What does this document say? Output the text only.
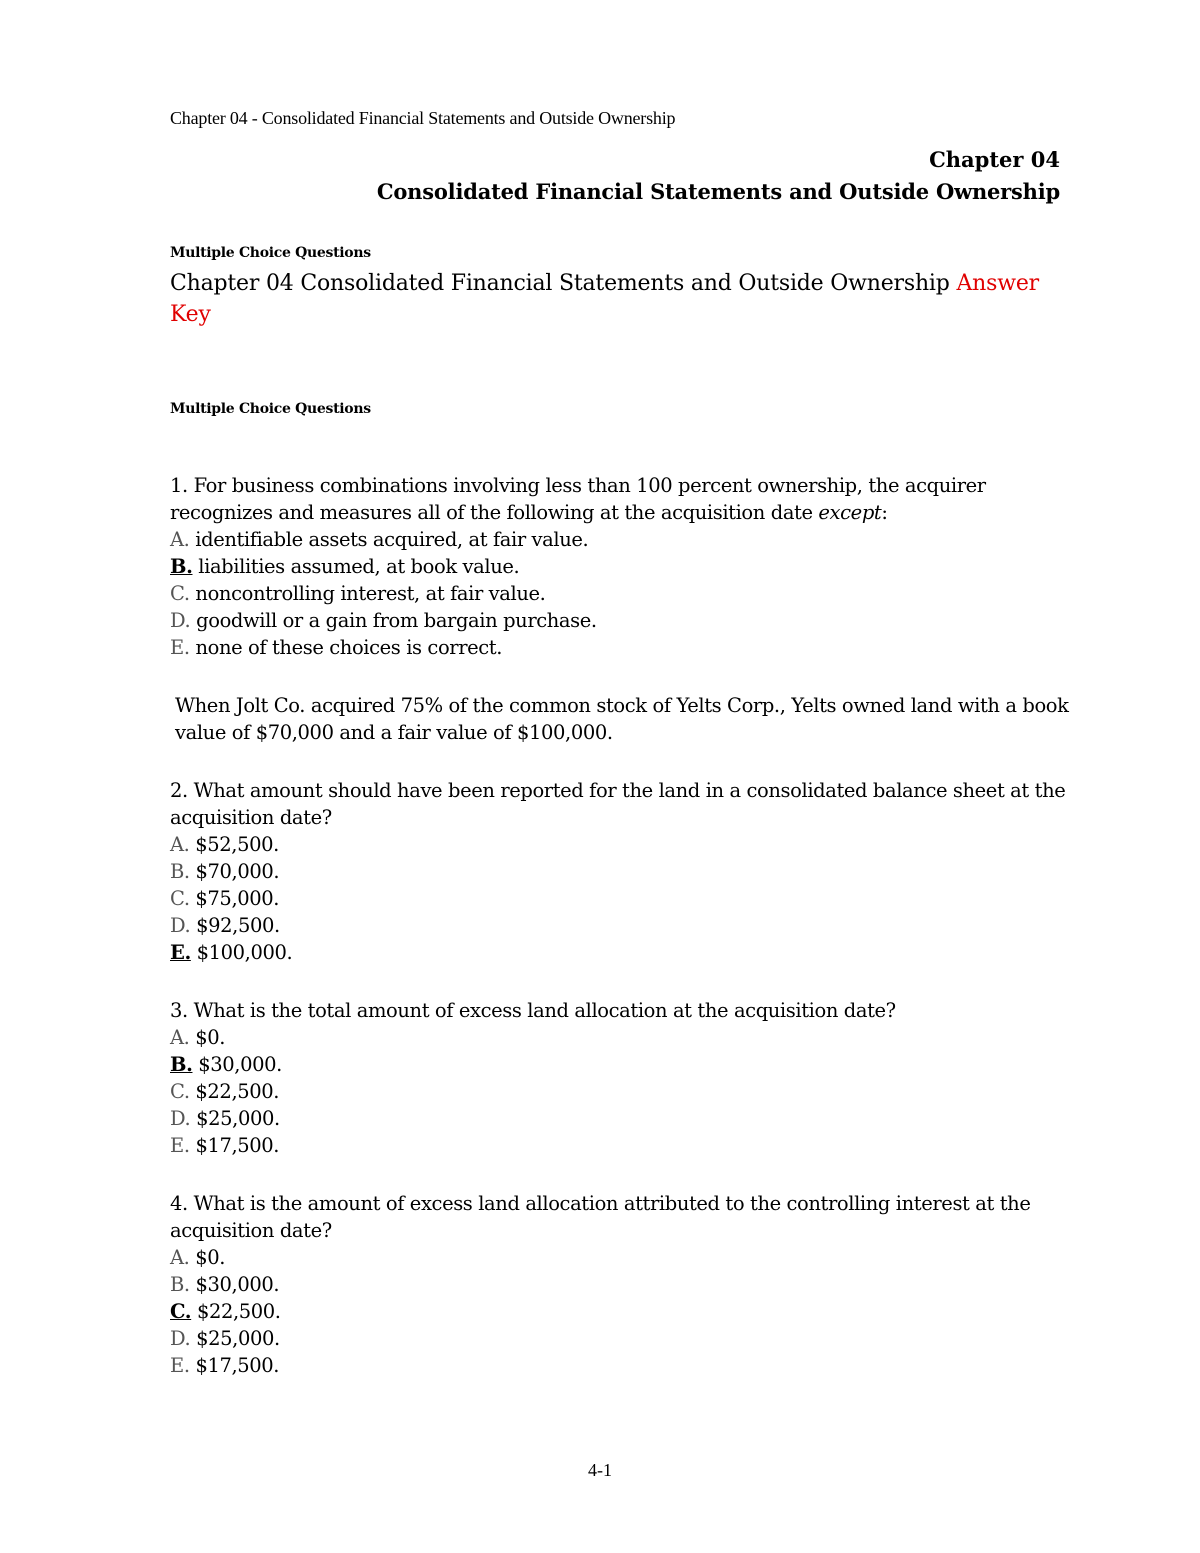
Chapter 04 - Consolidated Financial Statements and Outside Ownership
Chapter 04
Consolidated Financial Statements and Outside Ownership
Multiple Choice Questions
Chapter 04 Consolidated Financial Statements and Outside Ownership Answer Key
Multiple Choice Questions

1. For business combinations involving less than 100 percent ownership, the acquirer recognizes and measures all of the following at the acquisition date except:

A. identifiable assets acquired, at fair value.

B. liabilities assumed, at book value.

C. noncontrolling interest, at fair value.

D. goodwill or a gain from bargain purchase.

E. none of these choices is correct.

When Jolt Co. acquired 75% of the common stock of Yelts Corp., Yelts owned land with a book value of $70,000 and a fair value of $100,000.

2. What amount should have been reported for the land in a consolidated balance sheet at the acquisition date?

A. $52,500.

B. $70,000.

C. $75,000.

D. $92,500.

E. $100,000.

3. What is the total amount of excess land allocation at the acquisition date?

A. $0.

B. $30,000.

C. $22,500.

D. $25,000.

E. $17,500.

4. What is the amount of excess land allocation attributed to the controlling interest at the acquisition date?

A. $0.

B. $30,000.

C. $22,500.

D. $25,000.

E. $17,500.

4-1
